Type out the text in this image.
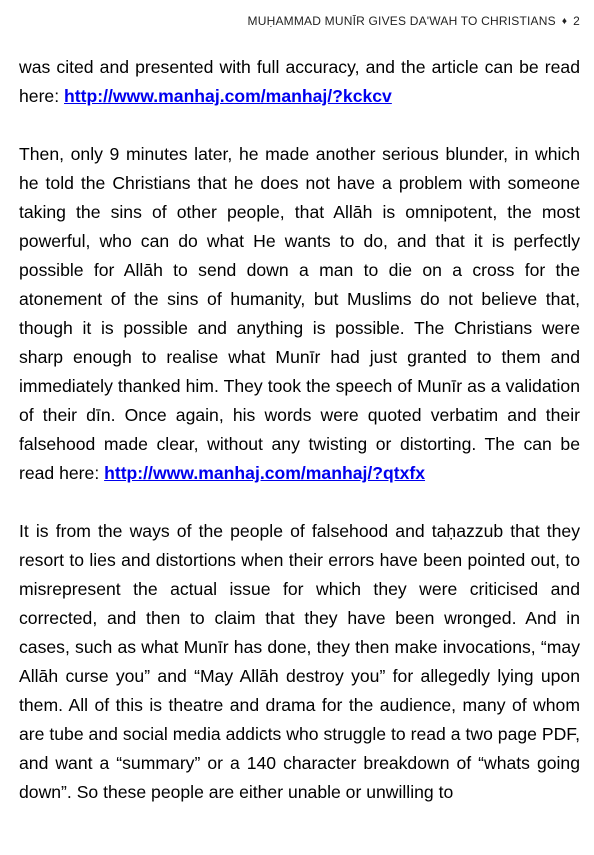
MUḤAMMAD MUNĪR GIVES DA'WAH TO CHRISTIANS ♦ 2

was cited and presented with full accuracy, and the article can be read here: http://www.manhaj.com/manhaj/?kckcv

Then, only 9 minutes later, he made another serious blunder, in which he told the Christians that he does not have a problem with someone taking the sins of other people, that Allāh is omnipotent, the most powerful, who can do what He wants to do, and that it is perfectly possible for Allāh to send down a man to die on a cross for the atonement of the sins of humanity, but Muslims do not believe that, though it is possible and anything is possible. The Christians were sharp enough to realise what Munīr had just granted to them and immediately thanked him. They took the speech of Munīr as a validation of their dīn. Once again, his words were quoted verbatim and their falsehood made clear, without any twisting or distorting. The can be read here: http://www.manhaj.com/manhaj/?qtxfx

It is from the ways of the people of falsehood and taḥazzub that they resort to lies and distortions when their errors have been pointed out, to misrepresent the actual issue for which they were criticised and corrected, and then to claim that they have been wronged. And in cases, such as what Munīr has done, they then make invocations, “may Allāh curse you” and “May Allāh destroy you” for allegedly lying upon them. All of this is theatre and drama for the audience, many of whom are tube and social media addicts who struggle to read a two page PDF, and want a “summary” or a 140 character breakdown of “whats going down”. So these people are either unable or unwilling to
